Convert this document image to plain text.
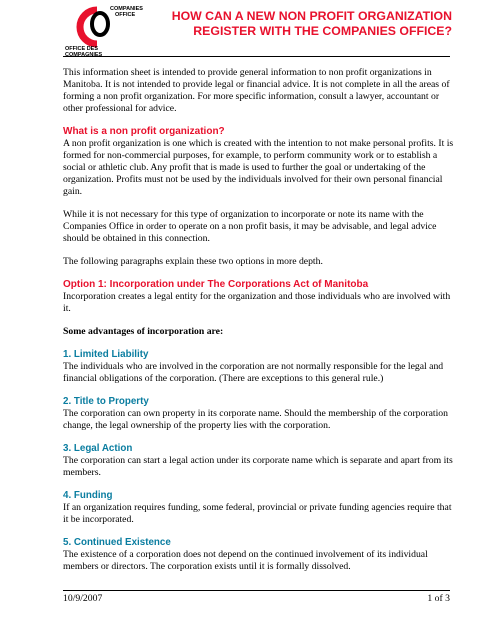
COMPANIES
OFFICE
OFFICE DES
COMPAGNIES
HOW CAN A NEW NON PROFIT ORGANIZATION
REGISTER WITH THE COMPANIES OFFICE?

This information sheet is intended to provide general information to non profit organizations in Manitoba. It is not intended to provide legal or financial advice. It is not complete in all the areas of forming a non profit organization. For more specific information, consult a lawyer, accountant or other professional for advice.

What is a non profit organization?

A non profit organization is one which is created with the intention to not make personal profits. It is formed for non-commercial purposes, for example, to perform community work or to establish a social or athletic club. Any profit that is made is used to further the goal or undertaking of the organization. Profits must not be used by the individuals involved for their own personal financial gain.

While it is not necessary for this type of organization to incorporate or note its name with the Companies Office in order to operate on a non profit basis, it may be advisable, and legal advice should be obtained in this connection.

The following paragraphs explain these two options in more depth.

Option 1: Incorporation under The Corporations Act of Manitoba

Incorporation creates a legal entity for the organization and those individuals who are involved with it.

Some advantages of incorporation are:

1. Limited Liability

The individuals who are involved in the corporation are not normally responsible for the legal and financial obligations of the corporation. (There are exceptions to this general rule.)

2. Title to Property

The corporation can own property in its corporate name. Should the membership of the corporation change, the legal ownership of the property lies with the corporation.

3. Legal Action

The corporation can start a legal action under its corporate name which is separate and apart from its members.

4. Funding

If an organization requires funding, some federal, provincial or private funding agencies require that it be incorporated.

5. Continued Existence

The existence of a corporation does not depend on the continued involvement of its individual members or directors. The corporation exists until it is formally dissolved.

10/9/2007	1 of 3
